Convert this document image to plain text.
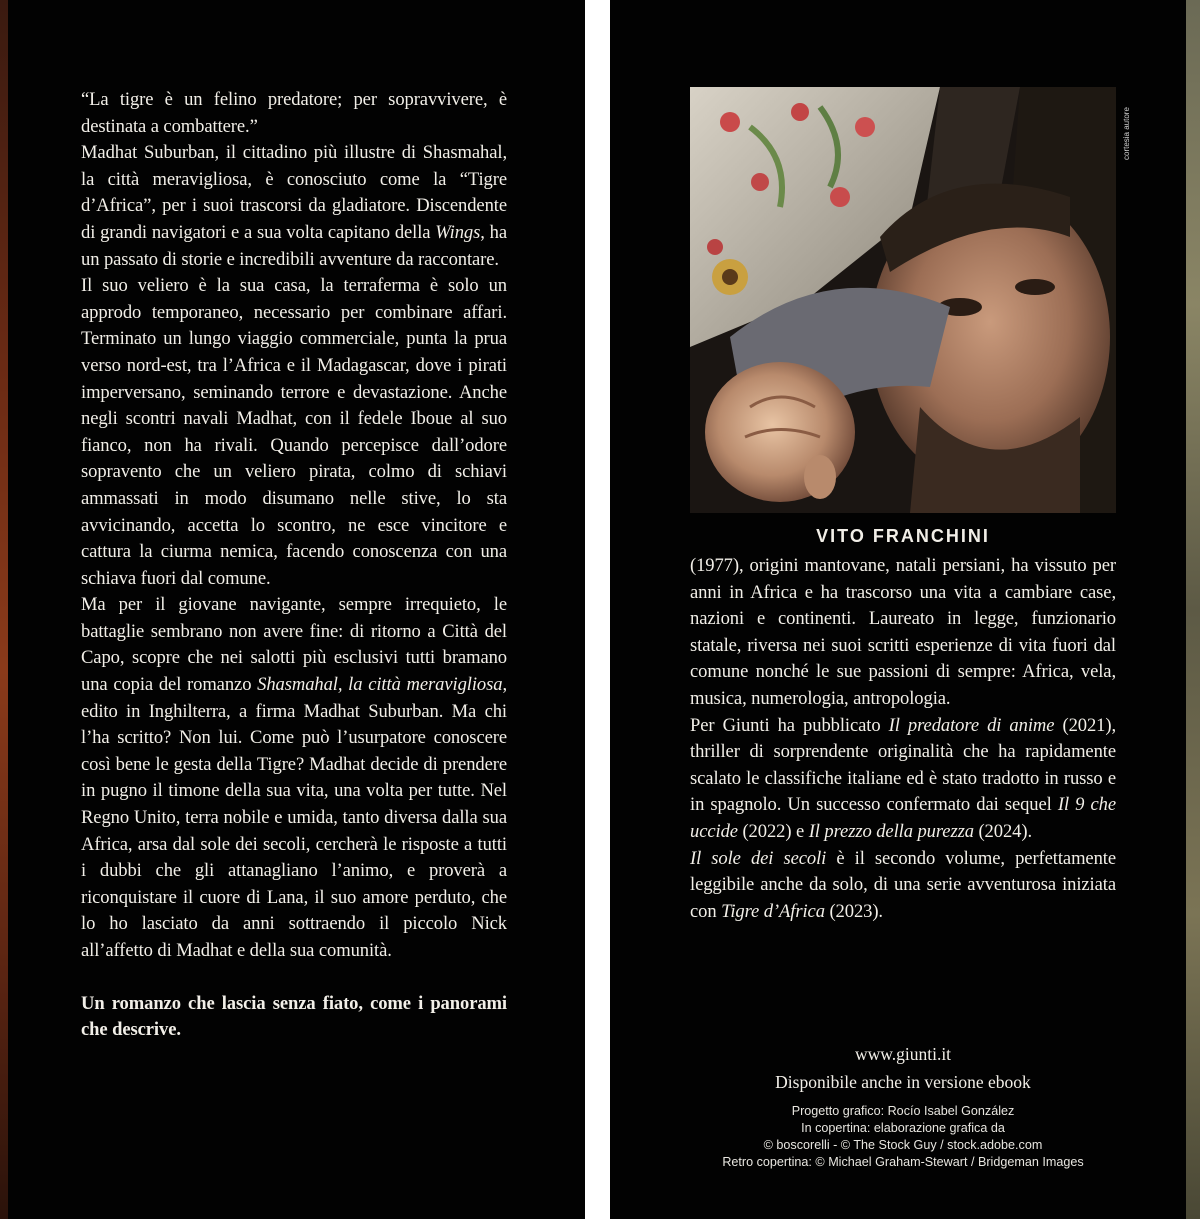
“La tigre è un felino predatore; per sopravvivere, è destinata a combattere.”

Madhat Suburban, il cittadino più illustre di Shasmahal, la città meravigliosa, è conosciuto come la “Tigre d’Africa”, per i suoi trascorsi da gladiatore. Discendente di grandi navigatori e a sua volta capitano della Wings, ha un passato di storie e incredibili avventure da raccontare.

Il suo veliero è la sua casa, la terraferma è solo un approdo temporaneo, necessario per combinare affari. Terminato un lungo viaggio commerciale, punta la prua verso nord-est, tra l’Africa e il Madagascar, dove i pirati imperversano, seminando terrore e devastazione. Anche negli scontri navali Madhat, con il fedele Iboue al suo fianco, non ha rivali. Quando percepisce dall’odore sopravento che un veliero pirata, colmo di schiavi ammassati in modo disumano nelle stive, lo sta avvicinando, accetta lo scontro, ne esce vincitore e cattura la ciurma nemica, facendo conoscenza con una schiava fuori dal comune.

Ma per il giovane navigante, sempre irrequieto, le battaglie sembrano non avere fine: di ritorno a Città del Capo, scopre che nei salotti più esclusivi tutti bramano una copia del romanzo Shasmahal, la città meravigliosa, edito in Inghilterra, a firma Madhat Suburban. Ma chi l’ha scritto? Non lui. Come può l’usurpatore conoscere così bene le gesta della Tigre? Madhat decide di prendere in pugno il timone della sua vita, una volta per tutte. Nel Regno Unito, terra nobile e umida, tanto diversa dalla sua Africa, arsa dal sole dei secoli, cercherà le risposte a tutti i dubbi che gli attanagliano l’animo, e proverà a riconquistare il cuore di Lana, il suo amore perduto, che lo ho lasciato da anni sottraendo il piccolo Nick all’affetto di Madhat e della sua comunità.

Un romanzo che lascia senza fiato, come i panorami che descrive.

cortesia autore
VITO FRANCHINI

(1977), origini mantovane, natali persiani, ha vissuto per anni in Africa e ha trascorso una vita a cambiare case, nazioni e continenti. Laureato in legge, funzionario statale, riversa nei suoi scritti esperienze di vita fuori dal comune nonché le sue passioni di sempre: Africa, vela, musica, numerologia, antropologia.

Per Giunti ha pubblicato Il predatore di anime (2021), thriller di sorprendente originalità che ha rapidamente scalato le classifiche italiane ed è stato tradotto in russo e in spagnolo. Un successo confermato dai sequel Il 9 che uccide (2022) e Il prezzo della purezza (2024).

Il sole dei secoli è il secondo volume, perfettamente leggibile anche da solo, di una serie avventurosa iniziata con Tigre d’Africa (2023).

www.giunti.it
Disponibile anche in versione ebook
Progetto grafico: Rocío Isabel González
In copertina: elaborazione grafica da
© boscorelli - © The Stock Guy / stock.adobe.com
Retro copertina: © Michael Graham-Stewart / Bridgeman Images
